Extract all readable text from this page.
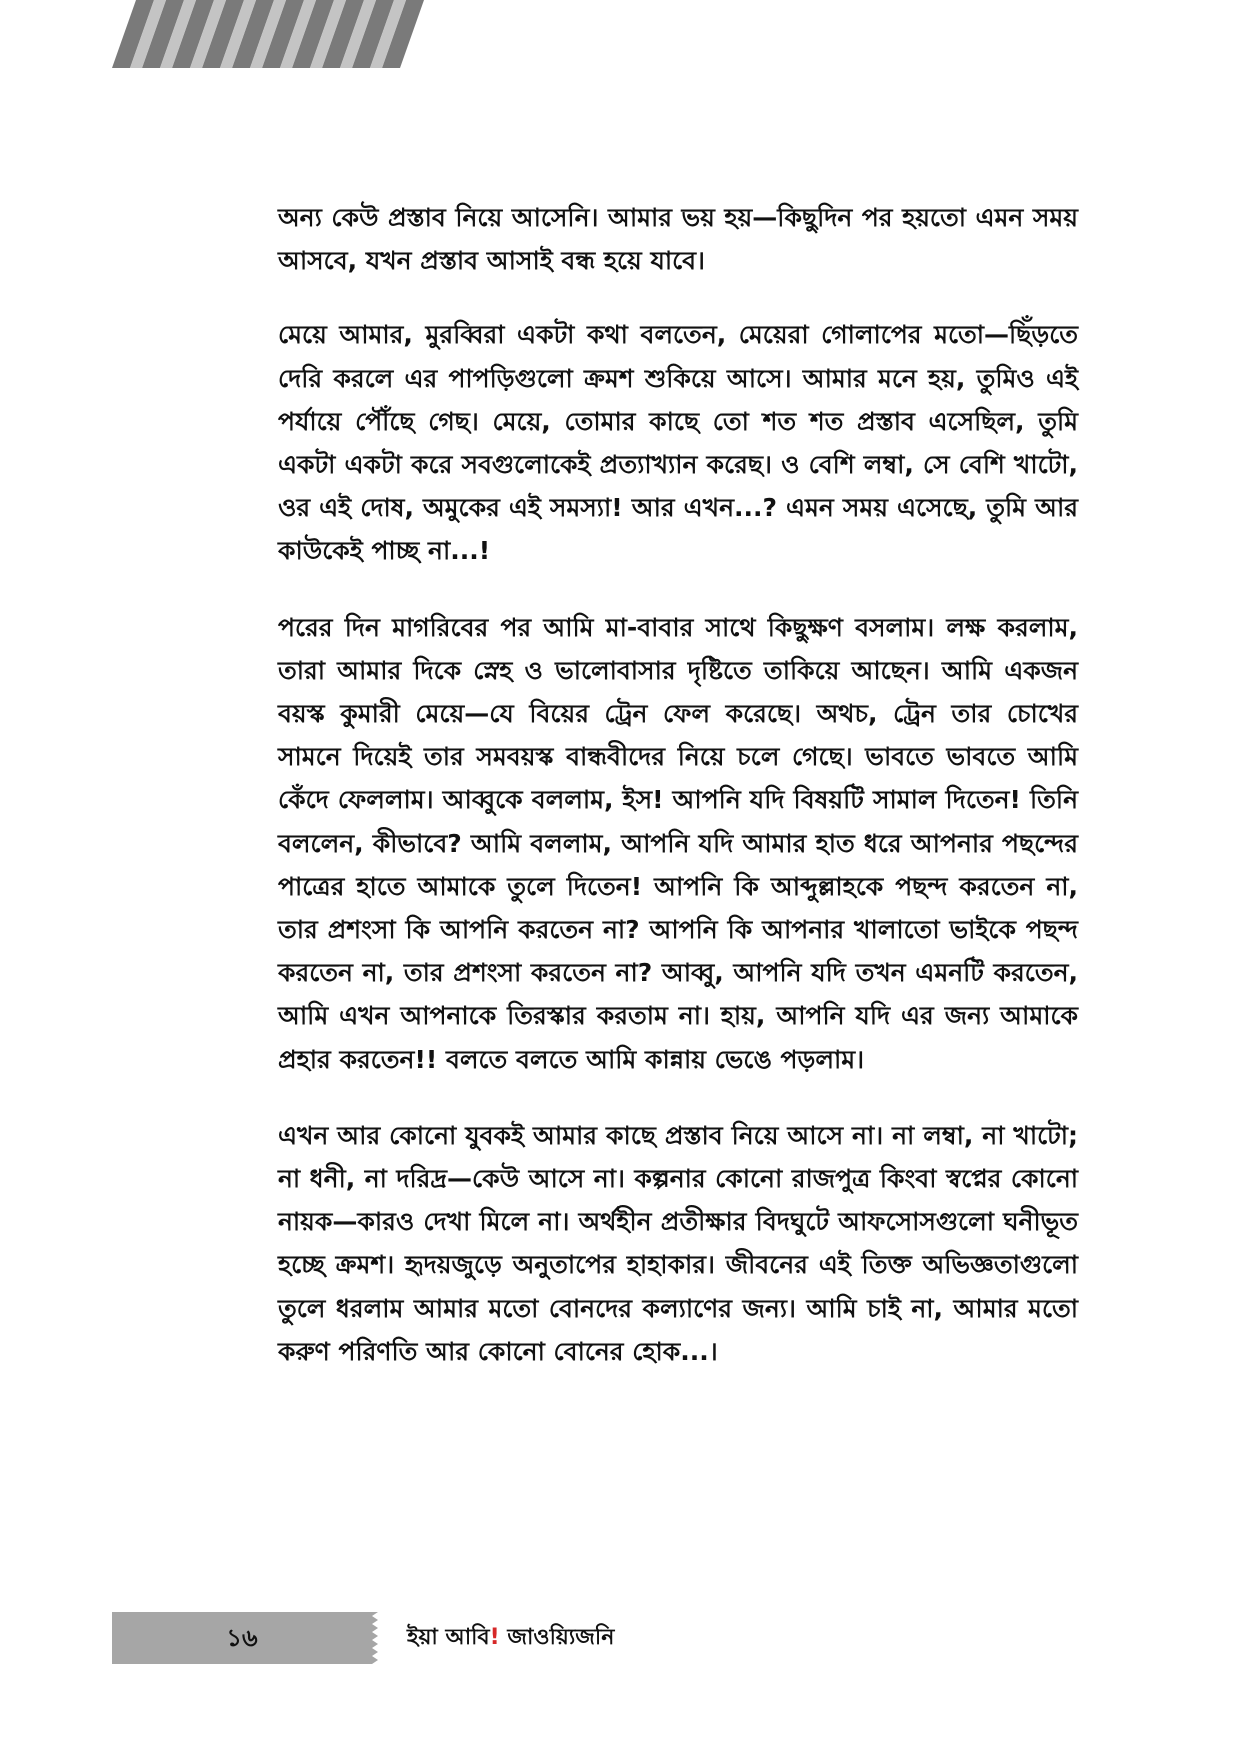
অন্য কেউ প্রস্তাব নিয়ে আসেনি। আমার ভয় হয়—কিছুদিন পর হয়তো এমন সময় আসবে, যখন প্রস্তাব আসাই বন্ধ হয়ে যাবে।

মেয়ে আমার, মুরব্বিরা একটা কথা বলতেন, মেয়েরা গোলাপের মতো—ছিঁড়তে দেরি করলে এর পাপড়িগুলো ক্রমশ শুকিয়ে আসে। আমার মনে হয়, তুমিও এই পর্যায়ে পৌঁছে গেছ। মেয়ে, তোমার কাছে তো শত শত প্রস্তাব এসেছিল, তুমি একটা একটা করে সবগুলোকেই প্রত্যাখ্যান করেছ। ও বেশি লম্বা, সে বেশি খাটো, ওর এই দোষ, অমুকের এই সমস্যা! আর এখন...? এমন সময় এসেছে, তুমি আর কাউকেই পাচ্ছ না...!

পরের দিন মাগরিবের পর আমি মা-বাবার সাথে কিছুক্ষণ বসলাম। লক্ষ করলাম, তারা আমার দিকে স্নেহ ও ভালোবাসার দৃষ্টিতে তাকিয়ে আছেন। আমি একজন বয়স্ক কুমারী মেয়ে—যে বিয়ের ট্রেন ফেল করেছে। অথচ, ট্রেন তার চোখের সামনে দিয়েই তার সমবয়স্ক বান্ধবীদের নিয়ে চলে গেছে। ভাবতে ভাবতে আমি কেঁদে ফেললাম। আব্বুকে বললাম, ইস! আপনি যদি বিষয়টি সামাল দিতেন! তিনি বললেন, কীভাবে? আমি বললাম, আপনি যদি আমার হাত ধরে আপনার পছন্দের পাত্রের হাতে আমাকে তুলে দিতেন! আপনি কি আব্দুল্লাহকে পছন্দ করতেন না, তার প্রশংসা কি আপনি করতেন না? আপনি কি আপনার খালাতো ভাইকে পছন্দ করতেন না, তার প্রশংসা করতেন না? আব্বু, আপনি যদি তখন এমনটি করতেন, আমি এখন আপনাকে তিরস্কার করতাম না। হায়, আপনি যদি এর জন্য আমাকে প্রহার করতেন!! বলতে বলতে আমি কান্নায় ভেঙে পড়লাম।

এখন আর কোনো যুবকই আমার কাছে প্রস্তাব নিয়ে আসে না। না লম্বা, না খাটো; না ধনী, না দরিদ্র—কেউ আসে না। কল্পনার কোনো রাজপুত্র কিংবা স্বপ্নের কোনো নায়ক—কারও দেখা মিলে না। অর্থহীন প্রতীক্ষার বিদঘুটে আফসোসগুলো ঘনীভূত হচ্ছে ক্রমশ। হৃদয়জুড়ে অনুতাপের হাহাকার। জীবনের এই তিক্ত অভিজ্ঞতাগুলো তুলে ধরলাম আমার মতো বোনদের কল্যাণের জন্য। আমি চাই না, আমার মতো করুণ পরিণতি আর কোনো বোনের হোক...।

১৬	ইয়া আবি! জাওয়্যিজনি
